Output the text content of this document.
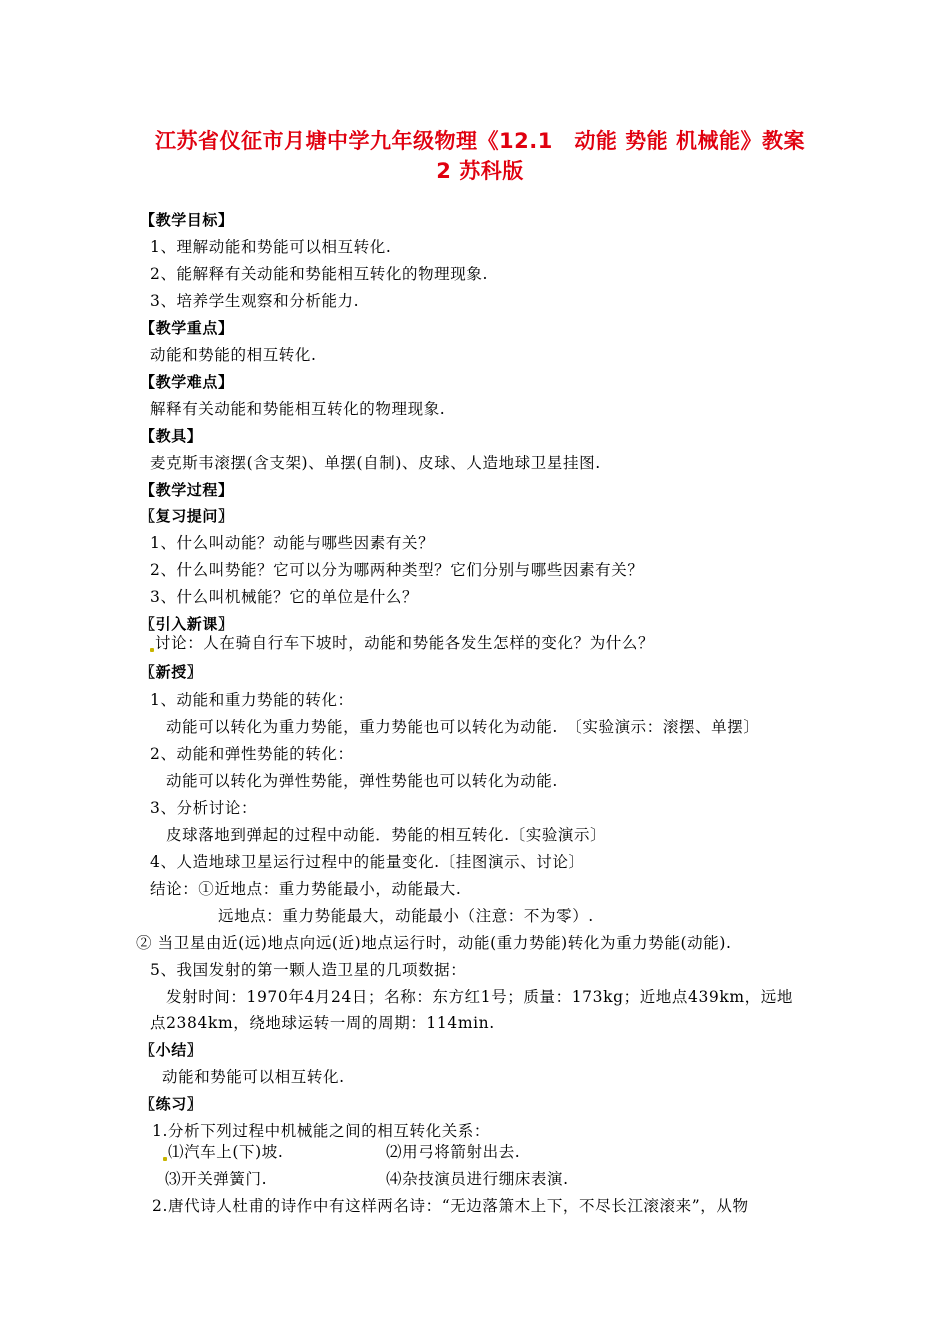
江苏省仪征市月塘中学九年级物理《12.1　动能 势能 机械能》教案
2 苏科版
【教学目标】
1、理解动能和势能可以相互转化.
2、能解释有关动能和势能相互转化的物理现象.
3、培养学生观察和分析能力.
【教学重点】
动能和势能的相互转化.
【教学难点】
解释有关动能和势能相互转化的物理现象.
【教具】
麦克斯韦滚摆(含支架)、单摆(自制)、皮球、人造地球卫星挂图.
【教学过程】
〖复习提问〗
1、什么叫动能？动能与哪些因素有关？
2、什么叫势能？它可以分为哪两种类型？它们分别与哪些因素有关？
3、什么叫机械能？它的单位是什么？
〖引入新课〗
讨论：人在骑自行车下坡时，动能和势能各发生怎样的变化？为什么？
〖新授〗
1、动能和重力势能的转化：
动能可以转化为重力势能，重力势能也可以转化为动能.　〔实验演示：滚摆、单摆〕
2、动能和弹性势能的转化：
动能可以转化为弹性势能，弹性势能也可以转化为动能.
3、分析讨论：
皮球落地到弹起的过程中动能．势能的相互转化.〔实验演示〕
4、人造地球卫星运行过程中的能量变化.〔挂图演示、讨论〕
结论：①近地点：重力势能最小，动能最大.
远地点：重力势能最大，动能最小（注意：不为零）.
② 当卫星由近(远)地点向远(近)地点运行时，动能(重力势能)转化为重力势能(动能).
5、我国发射的第一颗人造卫星的几项数据：
发射时间：1970年4月24日；名称：东方红1号；质量：173kg；近地点439km，远地
点2384km，绕地球运转一周的周期：114min.
〖小结〗
动能和势能可以相互转化.
〖练习〗
1.分析下列过程中机械能之间的相互转化关系：
⑴汽车上(下)坡.	⑵用弓将箭射出去.
⑶开关弹簧门.	⑷杂技演员进行绷床表演.
2.唐代诗人杜甫的诗作中有这样两名诗：“无边落箫木上下，不尽长江滚滚来”，从物
